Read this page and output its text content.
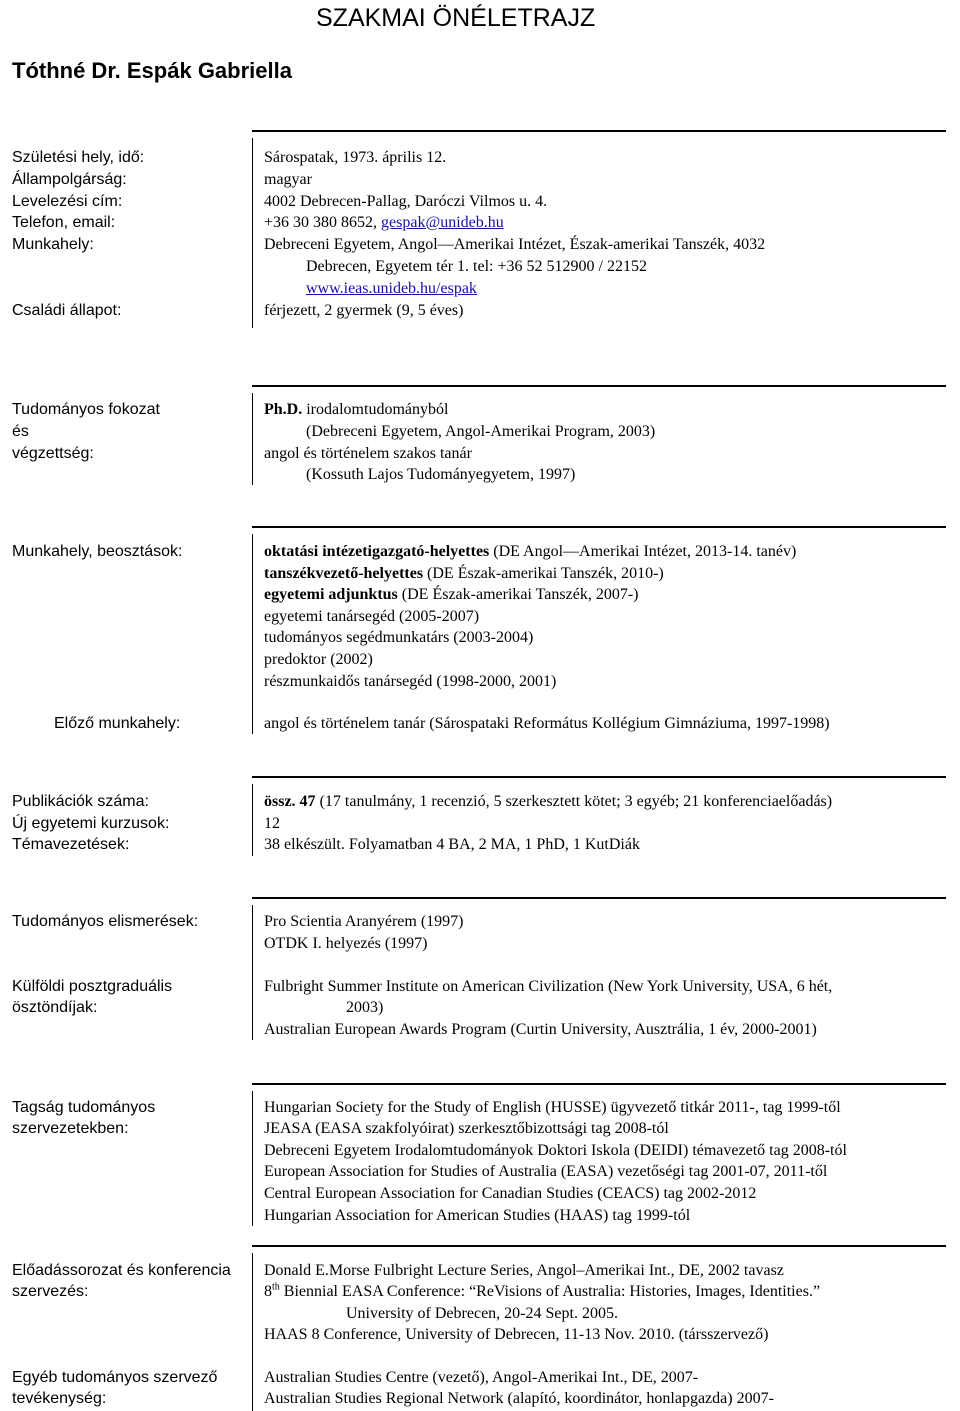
SZAKMAI ÖNÉLETRAJZ
Tóthné Dr. Espák Gabriella
Születési hely, idő:	Sárospatak, 1973. április 12.
Állampolgárság:	magyar
Levelezési cím:	4002 Debrecen-Pallag, Daróczi Vilmos u. 4.
Telefon, email:	+36 30 380 8652, gespak@unideb.hu
Munkahely:	Debreceni Egyetem, Angol—Amerikai Intézet, Észak-amerikai Tanszék, 4032
Debrecen, Egyetem tér 1. tel: +36 52 512900 / 22152
www.ieas.unideb.hu/espak
Családi állapot:	férjezett, 2 gyermek (9, 5 éves)
Tudományos fokozat
és
végzettség:
Ph.D. irodalomtudományból
(Debreceni Egyetem, Angol-Amerikai Program, 2003)
angol és történelem szakos tanár
(Kossuth Lajos Tudományegyetem, 1997)
Munkahely, beosztások:	oktatási intézetigazgató-helyettes (DE Angol—Amerikai Intézet, 2013-14. tanév)
tanszékvezető-helyettes (DE Észak-amerikai Tanszék, 2010-)
egyetemi adjunktus (DE Észak-amerikai Tanszék, 2007-)
egyetemi tanársegéd (2005-2007)
tudományos segédmunkatárs (2003-2004)
predoktor (2002)
részmunkaidős tanársegéd (1998-2000, 2001)
Előző munkahely:	angol és történelem tanár (Sárospataki Református Kollégium Gimnáziuma, 1997-1998)
Publikációk száma:	össz. 47 (17 tanulmány, 1 recenzió, 5 szerkesztett kötet; 3 egyéb; 21 konferenciaelőadás)
Új egyetemi kurzusok:	12
Témavezetések:	38 elkészült. Folyamatban 4 BA, 2 MA, 1 PhD, 1 KutDiák
Tudományos elismerések:	Pro Scientia Aranyérem (1997)
OTDK I. helyezés (1997)
Külföldi posztgraduális
ösztöndíjak:
Fulbright Summer Institute on American Civilization (New York University, USA, 6 hét,
2003)
Australian European Awards Program (Curtin University, Ausztrália, 1 év, 2000-2001)
Tagság tudományos
szervezetekben:
Hungarian Society for the Study of English (HUSSE) ügyvezető titkár 2011-, tag 1999-től
JEASA (EASA szakfolyóirat) szerkesztőbizottsági tag 2008-tól
Debreceni Egyetem Irodalomtudományok Doktori Iskola (DEIDI) témavezető tag 2008-tól
European Association for Studies of Australia (EASA) vezetőségi tag 2001-07, 2011-től
Central European Association for Canadian Studies (CEACS) tag 2002-2012
Hungarian Association for American Studies (HAAS) tag 1999-tól
Előadássorozat és konferencia
szervezés:
Donald E.Morse Fulbright Lecture Series, Angol–Amerikai Int., DE, 2002 tavasz
8th Biennial EASA Conference: “ReVisions of Australia: Histories, Images, Identities.”
University of Debrecen, 20-24 Sept. 2005.
HAAS 8 Conference, University of Debrecen, 11-13 Nov. 2010. (társszervező)
Egyéb tudományos szervező
tevékenység:
Australian Studies Centre (vezető), Angol-Amerikai Int., DE, 2007-
Australian Studies Regional Network (alapító, koordinátor, honlapgazda) 2007-
